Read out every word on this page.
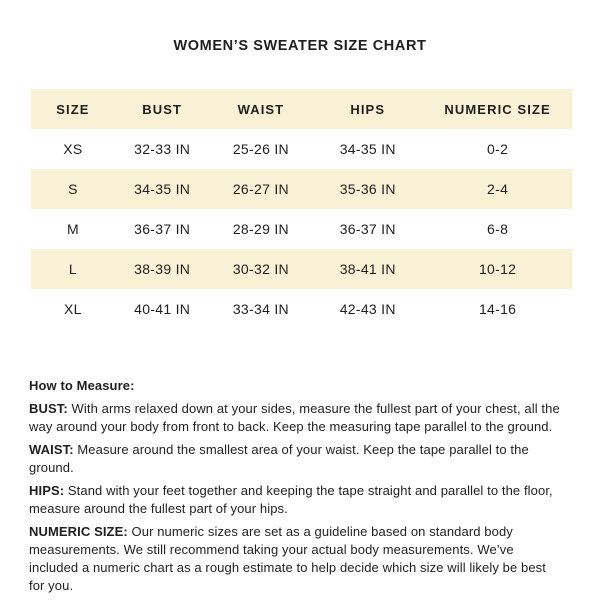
WOMEN’S SWEATER SIZE CHART
SIZE	BUST	WAIST	HIPS	NUMERIC SIZE
XS	32-33 IN	25-26 IN	34-35 IN	0-2
S	34-35 IN	26-27 IN	35-36 IN	2-4
M	36-37 IN	28-29 IN	36-37 IN	6-8
L	38-39 IN	30-32 IN	38-41 IN	10-12
XL	40-41 IN	33-34 IN	42-43 IN	14-16

How to Measure:

BUST: With arms relaxed down at your sides, measure the fullest part of your chest, all the way around your body from front to back. Keep the measuring tape parallel to the ground.

WAIST: Measure around the smallest area of your waist. Keep the tape parallel to the ground.

HIPS: Stand with your feet together and keeping the tape straight and parallel to the floor, measure around the fullest part of your hips.

NUMERIC SIZE: Our numeric sizes are set as a guideline based on standard body measurements. We still recommend taking your actual body measurements. We’ve included a numeric chart as a rough estimate to help decide which size will likely be best for you.
